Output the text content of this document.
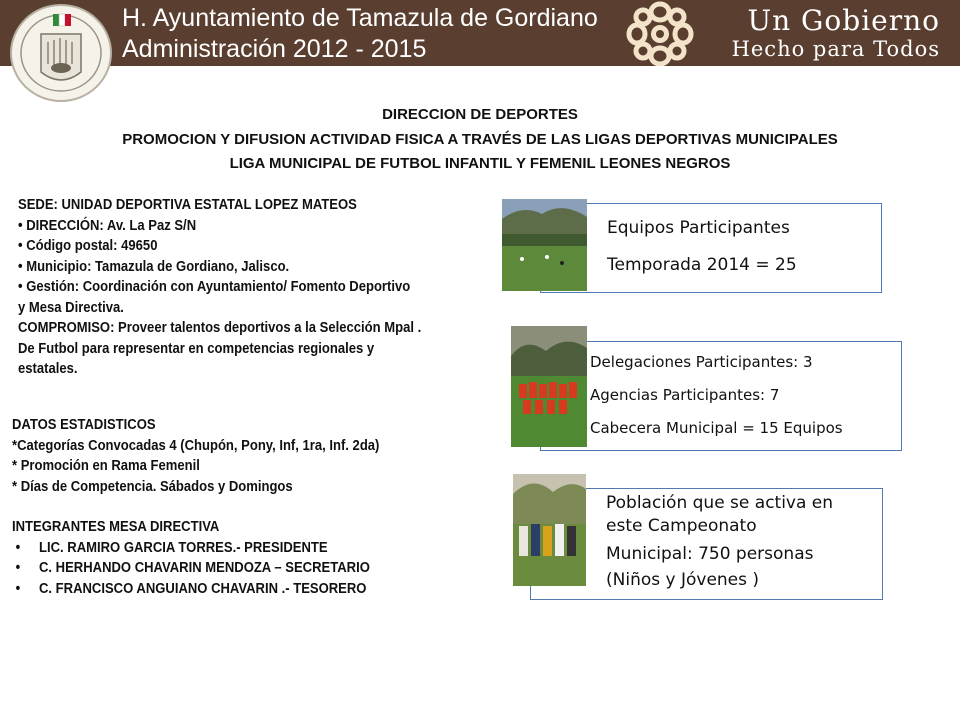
H. Ayuntamiento de Tamazula de Gordiano
Administración 2012 - 2015
Un Gobierno
Hecho para Todos
DIRECCION DE DEPORTES
PROMOCION Y DIFUSION ACTIVIDAD FISICA A TRAVÉS DE LAS LIGAS DEPORTIVAS MUNICIPALES
LIGA MUNICIPAL DE FUTBOL INFANTIL Y FEMENIL LEONES NEGROS
SEDE: UNIDAD DEPORTIVA ESTATAL LOPEZ MATEOS
• DIRECCIÓN: Av. La Paz S/N
• Código postal: 49650
• Municipio: Tamazula de Gordiano, Jalisco.
• Gestión: Coordinación con Ayuntamiento/ Fomento Deportivo
y Mesa Directiva.
COMPROMISO: Proveer talentos deportivos a la Selección Mpal .
De Futbol para representar en competencias regionales y
estatales.
DATOS ESTADISTICOS
*Categorías Convocadas 4 (Chupón, Pony, Inf, 1ra, Inf. 2da)
* Promoción en Rama Femenil
* Días de Competencia. Sábados y Domingos
INTEGRANTES MESA DIRECTIVA
• LIC. RAMIRO GARCIA TORRES.- PRESIDENTE
• C. HERHANDO CHAVARIN MENDOZA – SECRETARIO
• C. FRANCISCO ANGUIANO CHAVARIN .- TESORERO
Equipos Participantes
Temporada 2014 = 25
Delegaciones Participantes: 3
Agencias Participantes: 7
Cabecera Municipal = 15 Equipos
Población que se activa en
este Campeonato
Municipal: 750 personas
(Niños y Jóvenes )
